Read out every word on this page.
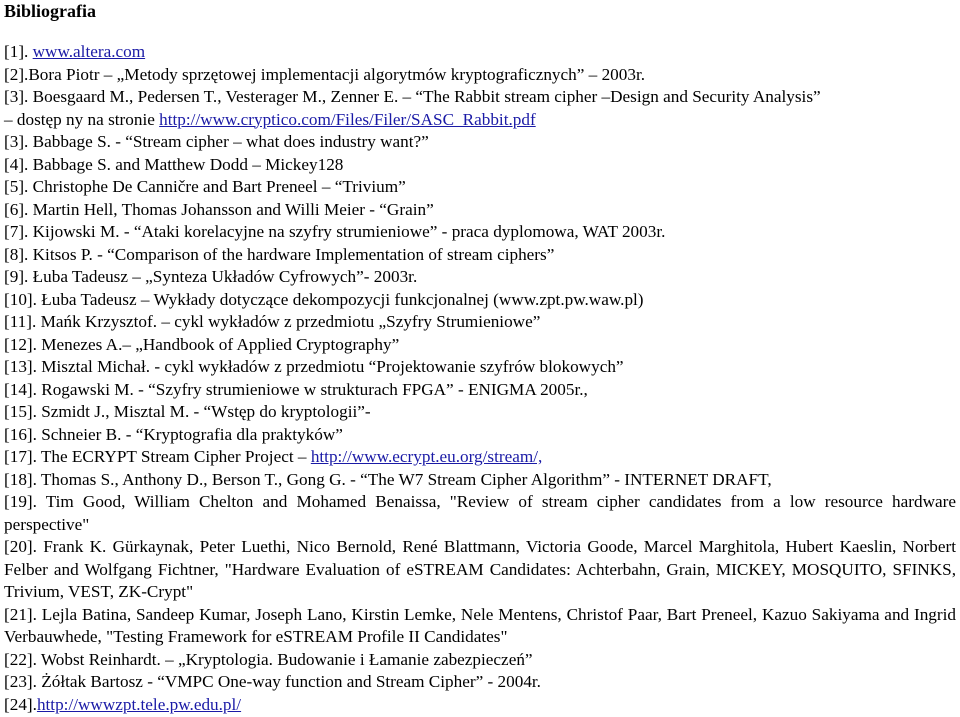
Bibliografia
[1]. www.altera.com
[2].Bora Piotr – „Metody sprzętowej implementacji algorytmów kryptograficznych” – 2003r.
[3]. Boesgaard M., Pedersen T., Vesterager M., Zenner E. – “The Rabbit stream cipher –Design and Security Analysis”
– dostęp ny na stronie http://www.cryptico.com/Files/Filer/SASC_Rabbit.pdf
[3]. Babbage S. - “Stream cipher – what does industry want?”
[4]. Babbage S. and Matthew Dodd – Mickey128
[5]. Christophe De Canničre and Bart Preneel – “Trivium”
[6]. Martin Hell, Thomas Johansson and Willi Meier - “Grain”
[7]. Kijowski M. - “Ataki korelacyjne na szyfry strumieniowe” - praca dyplomowa, WAT 2003r.
[8]. Kitsos P. - “Comparison of the hardware Implementation of stream ciphers”
[9]. Łuba Tadeusz – „Synteza Układów Cyfrowych”- 2003r.
[10]. Łuba Tadeusz – Wykłady dotyczące dekompozycji funkcjonalnej (www.zpt.pw.waw.pl)
[11]. Mańk Krzysztof. – cykl wykładów z przedmiotu „Szyfry Strumieniowe”
[12]. Menezes A.– „Handbook of Applied Cryptography”
[13]. Misztal Michał. - cykl wykładów z przedmiotu “Projektowanie szyfrów blokowych”
[14]. Rogawski M. - “Szyfry strumieniowe w strukturach FPGA” - ENIGMA 2005r.,
[15]. Szmidt J., Misztal M. - “Wstęp do kryptologii”-
[16]. Schneier B. - “Kryptografia dla praktyków”
[17]. The ECRYPT Stream Cipher Project – http://www.ecrypt.eu.org/stream/,
[18]. Thomas S., Anthony D., Berson T., Gong G. - “The W7 Stream Cipher Algorithm” - INTERNET DRAFT,
[19]. Tim Good, William Chelton and Mohamed Benaissa, "Review of stream cipher candidates from a low resource hardware perspective"
[20]. Frank K. Gürkaynak, Peter Luethi, Nico Bernold, René Blattmann, Victoria Goode, Marcel Marghitola, Hubert Kaeslin, Norbert Felber and Wolfgang Fichtner, "Hardware Evaluation of eSTREAM Candidates: Achterbahn, Grain, MICKEY, MOSQUITO, SFINKS, Trivium, VEST, ZK-Crypt"
[21]. Lejla Batina, Sandeep Kumar, Joseph Lano, Kirstin Lemke, Nele Mentens, Christof Paar, Bart Preneel, Kazuo Sakiyama and Ingrid Verbauwhede, "Testing Framework for eSTREAM Profile II Candidates"
[22]. Wobst Reinhardt. – „Kryptologia. Budowanie i Łamanie zabezpieczeń”
[23]. Żółtak Bartosz - “VMPC One-way function and Stream Cipher” - 2004r.
[24].http://wwwzpt.tele.pw.edu.pl/
